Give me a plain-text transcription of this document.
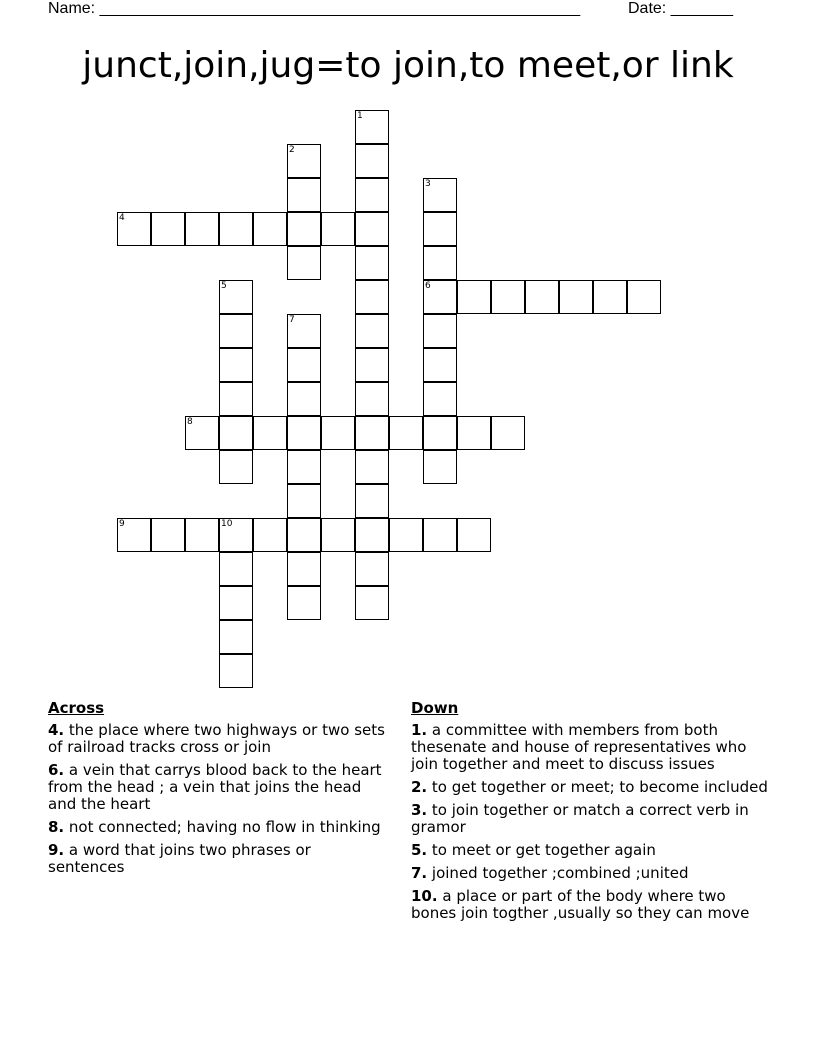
Name: ______________________________________________________	Date: _______
junct,join,jug=to join,to meet,or link
1
2
3
6
4
5
7
8
9	10
Across
4. the place where two highways or two sets of railroad tracks cross or join
6. a vein that carrys blood back to the heart from the head ; a vein that joins the head and the heart
8. not connected; having no flow in thinking
9. a word that joins two phrases or sentences
Down
1. a committee with members from both thesenate and house of representatives who join together and meet to discuss issues
2. to get together or meet; to become included
3. to join together or match a correct verb in gramor
5. to meet or get together again
7. joined together ;combined ;united
10. a place or part of the body where two bones join togther ,usually so they can move
